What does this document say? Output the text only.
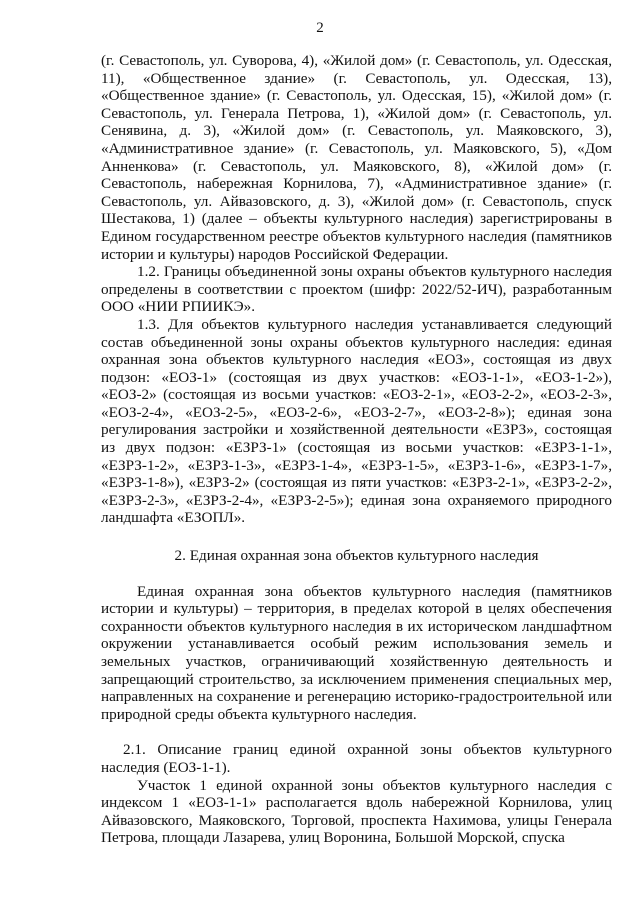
2

(г. Севастополь, ул. Суворова, 4), «Жилой дом» (г. Севастополь, ул. Одесская, 11), «Общественное здание» (г. Севастополь, ул. Одесская, 13), «Общественное здание» (г. Севастополь, ул. Одесская, 15), «Жилой дом» (г. Севастополь, ул. Генерала Петрова, 1), «Жилой дом» (г. Севастополь, ул. Сенявина, д. 3), «Жилой дом» (г. Севастополь, ул. Маяковского, 3), «Административное здание» (г. Севастополь, ул. Маяковского, 5), «Дом Анненкова» (г. Севастополь, ул. Маяковского, 8), «Жилой дом» (г. Севастополь, набережная Корнилова, 7), «Административное здание» (г. Севастополь, ул. Айвазовского, д. 3), «Жилой дом» (г. Севастополь, спуск Шестакова, 1) (далее – объекты культурного наследия) зарегистрированы в Едином государственном реестре объектов культурного наследия (памятников истории и культуры) народов Российской Федерации.

1.2. Границы объединенной зоны охраны объектов культурного наследия определены в соответствии с проектом (шифр: 2022/52-ИЧ), разработанным ООО «НИИ РПИИКЭ».

1.3. Для объектов культурного наследия устанавливается следующий состав объединенной зоны охраны объектов культурного наследия: единая охранная зона объектов культурного наследия «ЕОЗ», состоящая из двух подзон: «ЕОЗ-1» (состоящая из двух участков: «ЕОЗ-1-1», «ЕОЗ-1-2»), «ЕОЗ-2» (состоящая из восьми участков: «ЕОЗ-2-1», «ЕОЗ-2-2», «ЕОЗ-2-3», «ЕОЗ-2-4», «ЕОЗ-2-5», «ЕОЗ-2-6», «ЕОЗ-2-7», «ЕОЗ-2-8»); единая зона регулирования застройки и хозяйственной деятельности «ЕЗРЗ», состоящая из двух подзон: «ЕЗРЗ-1» (состоящая из восьми участков: «ЕЗРЗ-1-1», «ЕЗРЗ-1-2», «ЕЗРЗ-1-3», «ЕЗРЗ-1-4», «ЕЗРЗ-1-5», «ЕЗРЗ-1-6», «ЕЗРЗ-1-7», «ЕЗРЗ-1-8»), «ЕЗРЗ-2» (состоящая из пяти участков: «ЕЗРЗ-2-1», «ЕЗРЗ-2-2», «ЕЗРЗ-2-3», «ЕЗРЗ-2-4», «ЕЗРЗ-2-5»); единая зона охраняемого природного ландшафта «ЕЗОПЛ».

2. Единая охранная зона объектов культурного наследия

Единая охранная зона объектов культурного наследия (памятников истории и культуры) – территория, в пределах которой в целях обеспечения сохранности объектов культурного наследия в их историческом ландшафтном окружении устанавливается особый режим использования земель и земельных участков, ограничивающий хозяйственную деятельность и запрещающий строительство, за исключением применения специальных мер, направленных на сохранение и регенерацию историко-градостроительной или природной среды объекта культурного наследия.

2.1. Описание границ единой охранной зоны объектов культурного наследия (ЕОЗ-1-1).

Участок 1 единой охранной зоны объектов культурного наследия с индексом 1 «ЕОЗ-1-1» располагается вдоль набережной Корнилова, улиц Айвазовского, Маяковского, Торговой, проспекта Нахимова, улицы Генерала Петрова, площади Лазарева, улиц Воронина, Большой Морской, спуска
